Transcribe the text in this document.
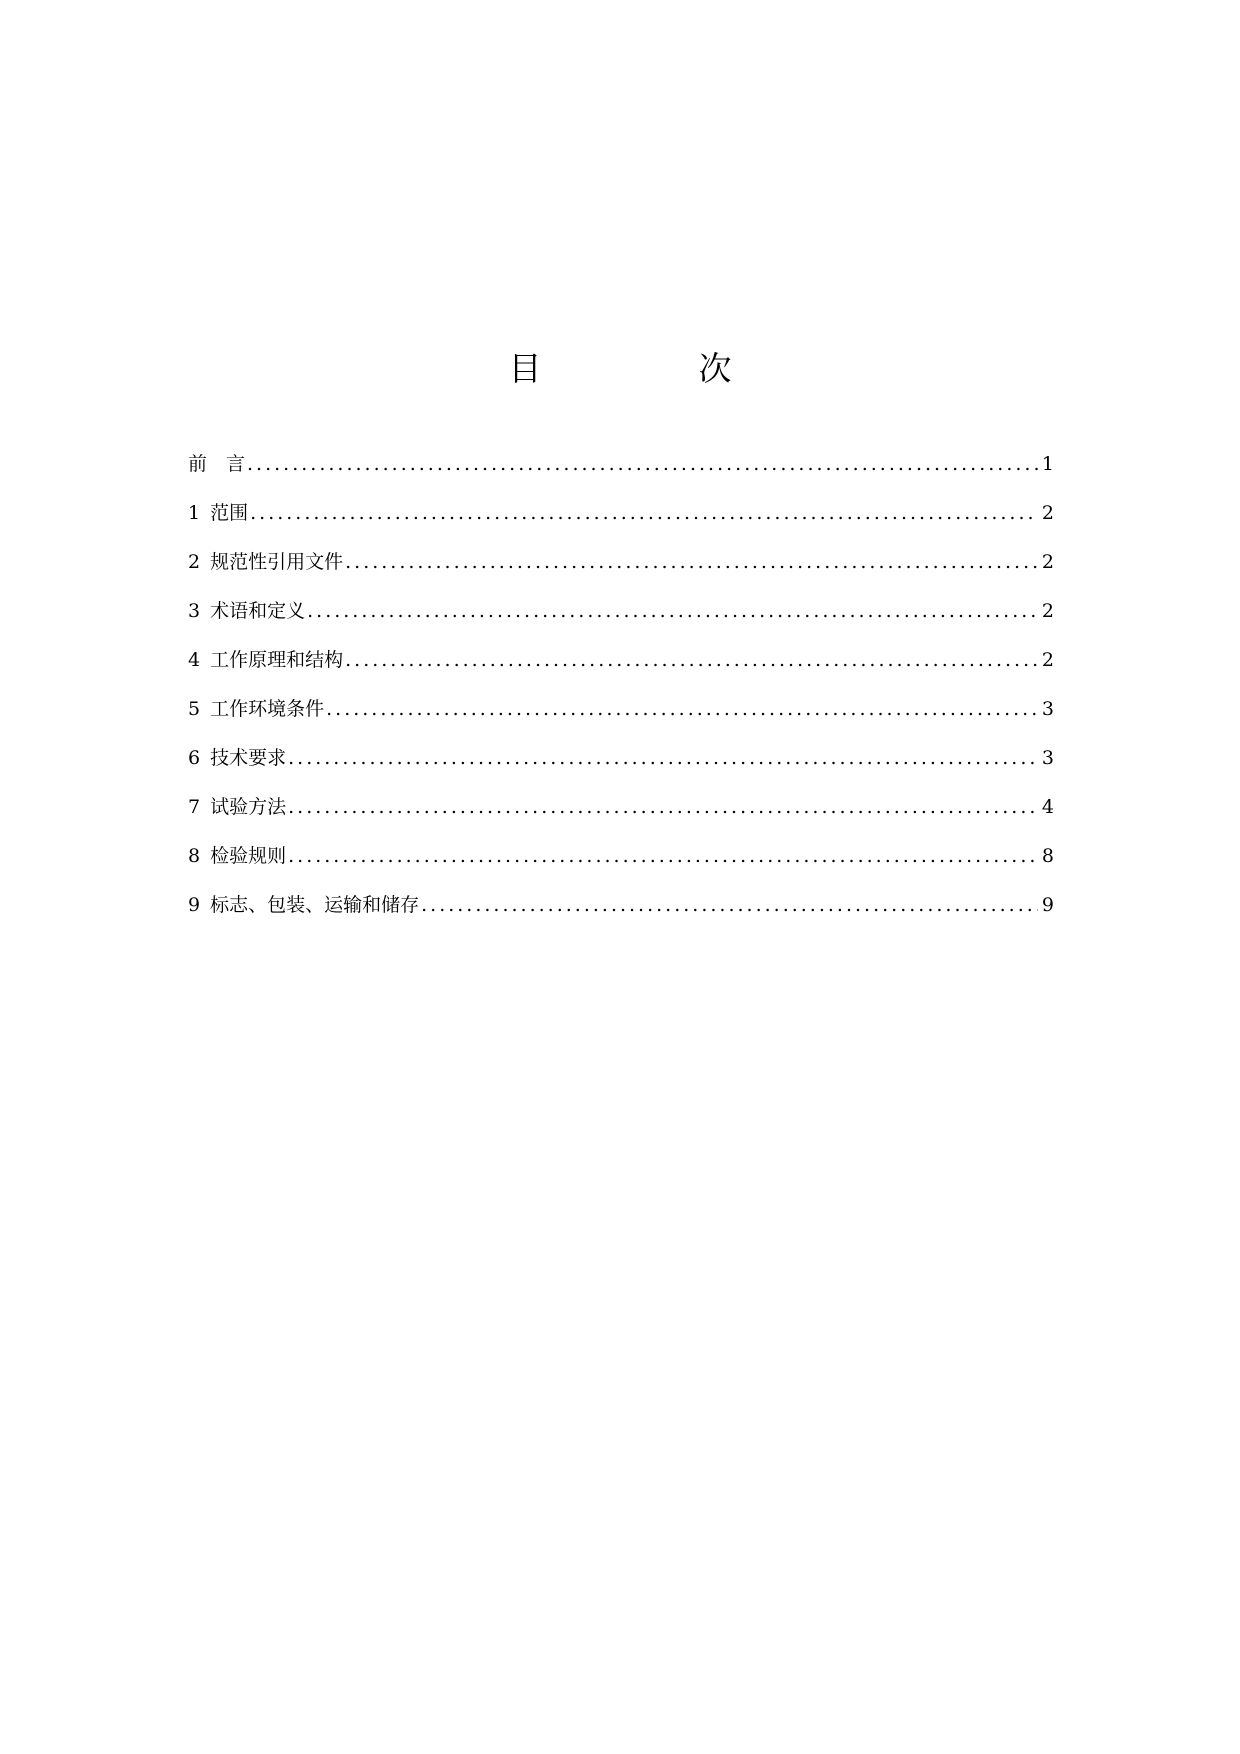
目　次
前　言 .....	1
1 范围 .....	2
2 规范性引用文件 .....	2
3 术语和定义 .....	2
4 工作原理和结构 .....	2
5 工作环境条件 .....	3
6 技术要求 .....	3
7 试验方法 .....	4
8 检验规则 .....	8
9 标志、包装、运输和储存 .....	9
